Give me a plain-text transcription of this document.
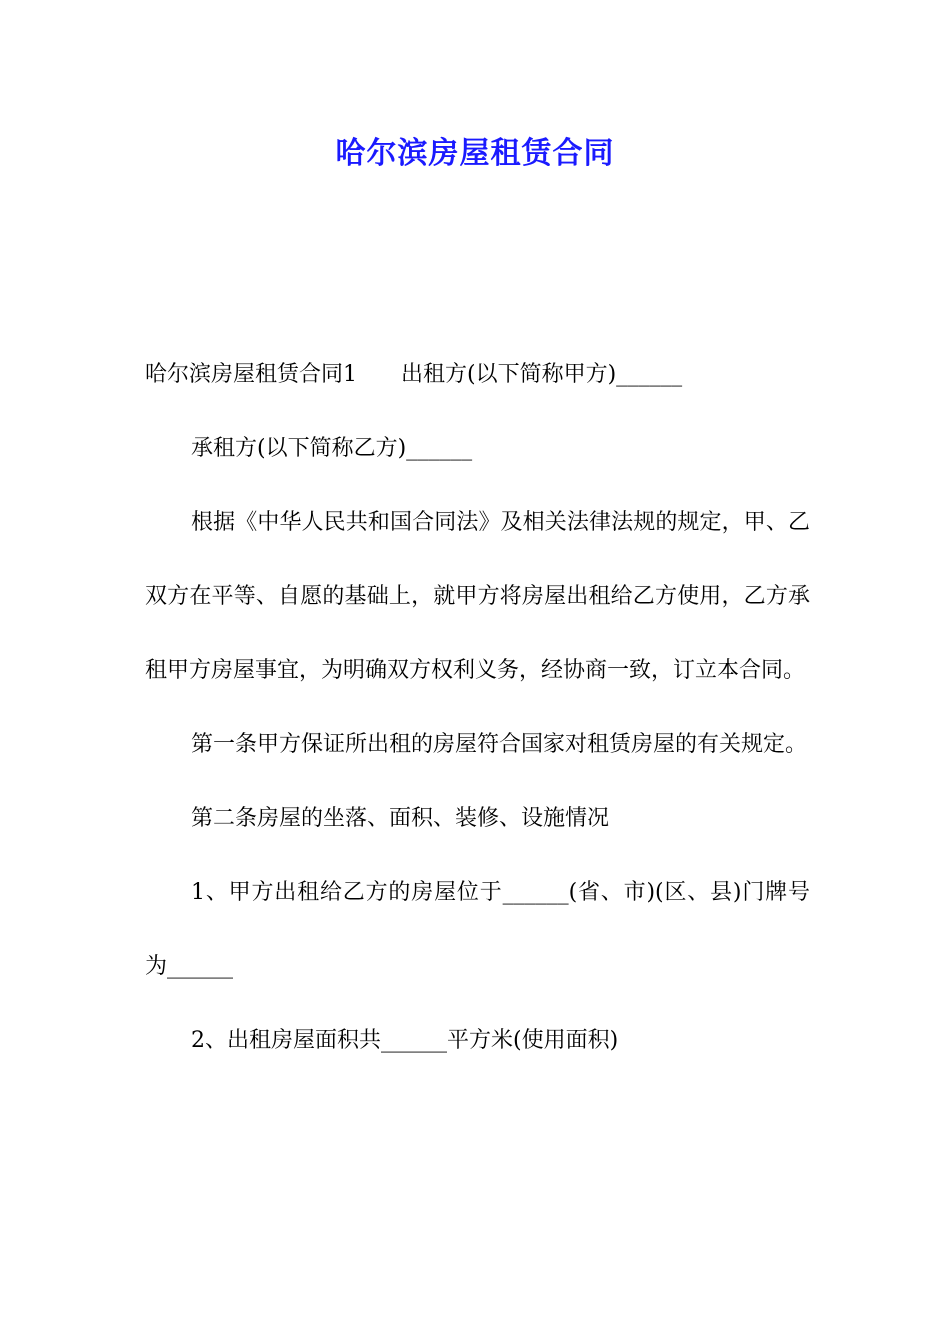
哈尔滨房屋租赁合同

哈尔滨房屋租赁合同1　　出租方(以下简称甲方)______

承租方(以下简称乙方)______

根据《中华人民共和国合同法》及相关法律法规的规定，甲、乙双方在平等、自愿的基础上，就甲方将房屋出租给乙方使用，乙方承租甲方房屋事宜，为明确双方权利义务，经协商一致，订立本合同。

第一条甲方保证所出租的房屋符合国家对租赁房屋的有关规定。

第二条房屋的坐落、面积、装修、设施情况

1、甲方出租给乙方的房屋位于______(省、市)(区、县)门牌号为______

2、出租房屋面积共______平方米(使用面积)
